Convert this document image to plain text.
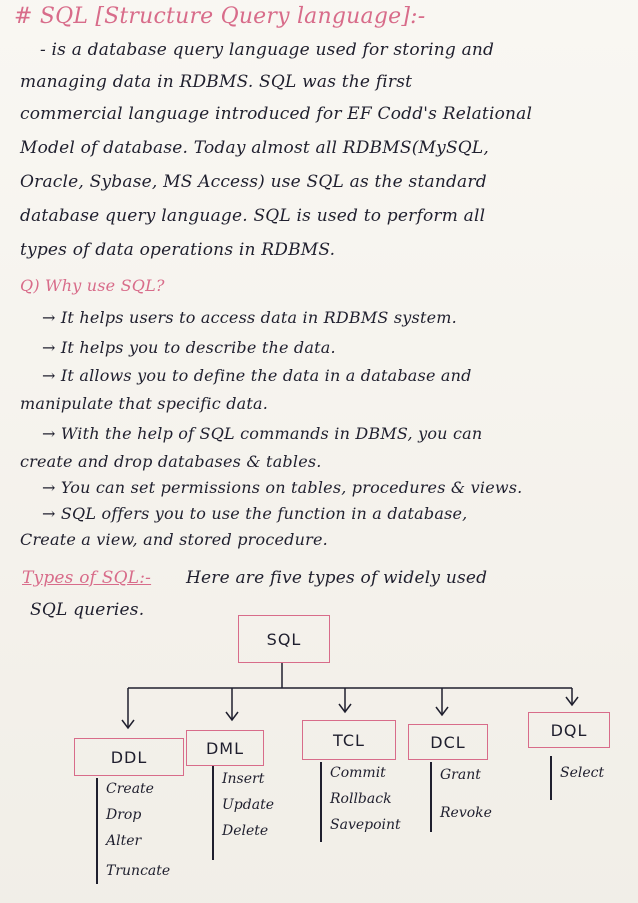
# SQL [Structure Query language]:-
- is a database query language used for storing and
managing data in RDBMS. SQL was the first
commercial language introduced for EF Codd's Relational
Model of database. Today almost all RDBMS(MySQL,
Oracle, Sybase, MS Access) use SQL as the standard
database query language. SQL is used to perform all
types of data operations in RDBMS.
Q) Why use SQL?
→ It helps users to access data in RDBMS system.
→ It helps you to describe the data.
→ It allows you to define the data in a database and
manipulate that specific data.
→ With the help of SQL commands in DBMS, you can
create and drop databases & tables.
→ You can set permissions on tables, procedures & views.
→ SQL offers you to use the function in a database,
Create a view, and stored procedure.
Types of SQL:- Here are five types of widely used
SQL queries.
SQL
DDL	DML	TCL	DCL
DQL
Create
Drop
Alter
Truncate
Insert
Update
Delete
Commit
Rollback
Savepoint
Grant
Revoke
Select
